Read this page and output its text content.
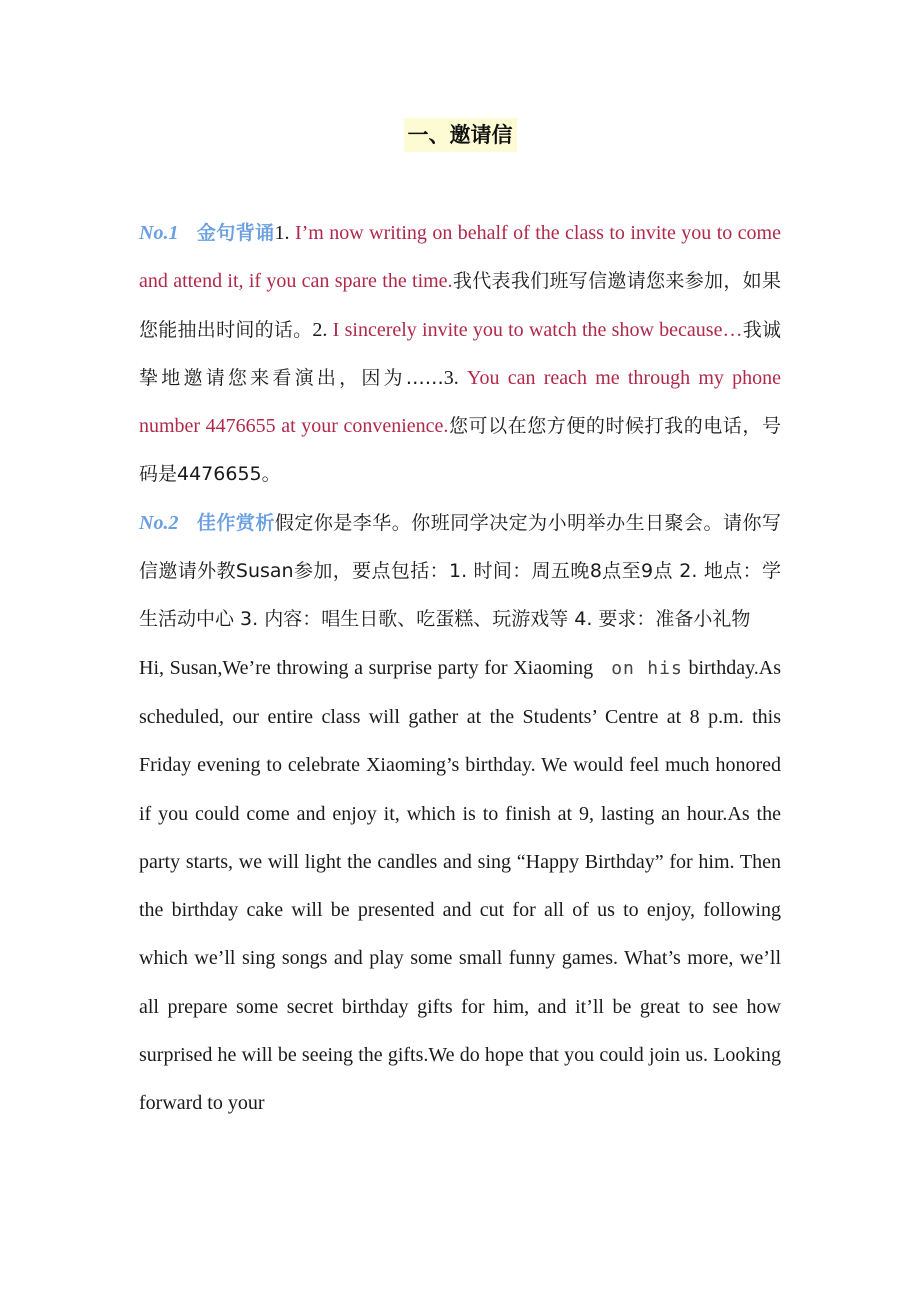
一、邀请信

No.1 金句背诵1. I’m now writing on behalf of the class to invite you to come and attend it, if you can spare the time.我代表我们班写信邀请您来参加，如果您能抽出时间的话。2. I sincerely invite you to watch the show because…我诚挚地邀请您来看演出，因为……3. You can reach me through my phone number 4476655 at your convenience.您可以在您方便的时候打我的电话，号码是4476655。

No.2 佳作赏析假定你是李华。你班同学决定为小明举办生日聚会。请你写信邀请外教Susan参加，要点包括：1. 时间：周五晚8点至9点 2. 地点：学生活动中心 3. 内容：唱生日歌、吃蛋糕、玩游戏等 4. 要求：准备小礼物

Hi, Susan,We’re throwing a surprise party for Xiaoming on his birthday.As scheduled, our entire class will gather at the Students’ Centre at 8 p.m. this Friday evening to celebrate Xiaoming’s birthday. We would feel much honored if you could come and enjoy it, which is to finish at 9, lasting an hour.As the party starts, we will light the candles and sing “Happy Birthday” for him. Then the birthday cake will be presented and cut for all of us to enjoy, following which we’ll sing songs and play some small funny games. What’s more, we’ll all prepare some secret birthday gifts for him, and it’ll be great to see how surprised he will be seeing the gifts.We do hope that you could join us. Looking forward to your
